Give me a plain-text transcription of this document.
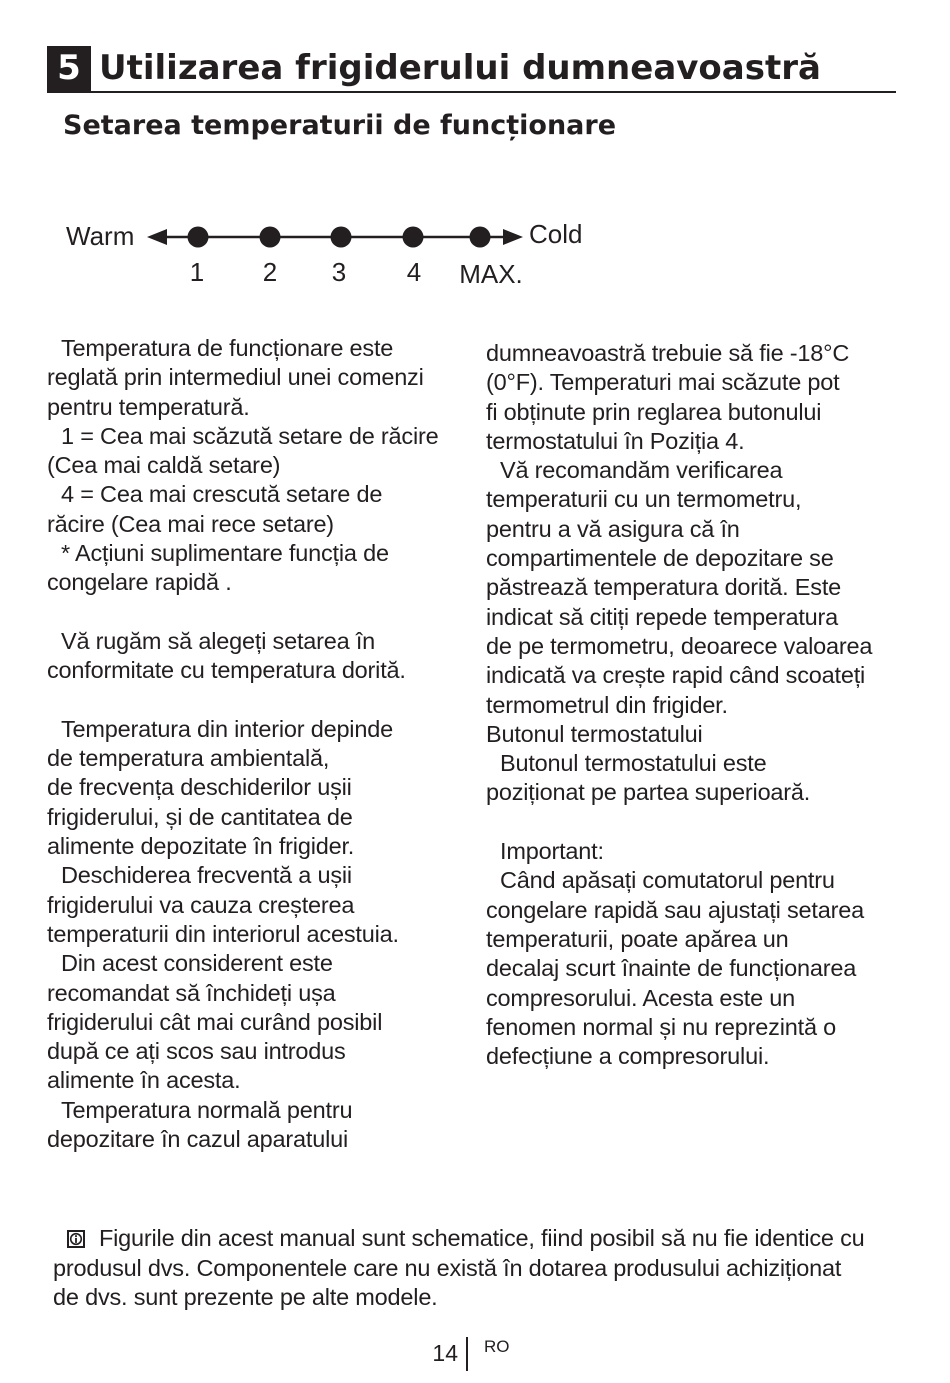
5 Utilizarea frigiderului dumneavoastră
Setarea temperaturii de funcționare
Warm	Cold
1 2 3 4 MAX.

Temperatura de funcționare este

reglată prin intermediul unei comenzi

pentru temperatură.

1 = Cea mai scăzută setare de răcire

(Cea mai caldă setare)

4 = Cea mai crescută setare de

răcire (Cea mai rece setare)

* Acțiuni suplimentare funcția de

congelare rapidă .

Vă rugăm să alegeți setarea în

conformitate cu temperatura dorită.

Temperatura din interior depinde

de temperatura ambientală,

de frecvența deschiderilor ușii

frigiderului, și de cantitatea de

alimente depozitate în frigider.

Deschiderea frecventă a ușii

frigiderului va cauza creșterea

temperaturii din interiorul acestuia.

Din acest considerent este

recomandat să închideți ușa

frigiderului cât mai curând posibil

după ce ați scos sau introdus

alimente în acesta.

Temperatura normală pentru

depozitare în cazul aparatului

dumneavoastră trebuie să fie -18°C

(0°F). Temperaturi mai scăzute pot

fi obținute prin reglarea butonului

termostatului în Poziția 4.

Vă recomandăm verificarea

temperaturii cu un termometru,

pentru a vă asigura că în

compartimentele de depozitare se

păstrează temperatura dorită. Este

indicat să citiți repede temperatura

de pe termometru, deoarece valoarea

indicată va crește rapid când scoateți

termometrul din frigider.

Butonul termostatului

Butonul termostatului este

poziționat pe partea superioară.

Important:

Când apăsați comutatorul pentru

congelare rapidă sau ajustați setarea

temperaturii, poate apărea un

decalaj scurt înainte de funcționarea

compresorului. Acesta este un

fenomen normal și nu reprezintă o

defecțiune a compresorului.

Figurile din acest manual sunt schematice, fiind posibil să nu fie identice cu

produsul dvs. Componentele care nu există în dotarea produsului achiziționat

de dvs. sunt prezente pe alte modele.

14 RO
